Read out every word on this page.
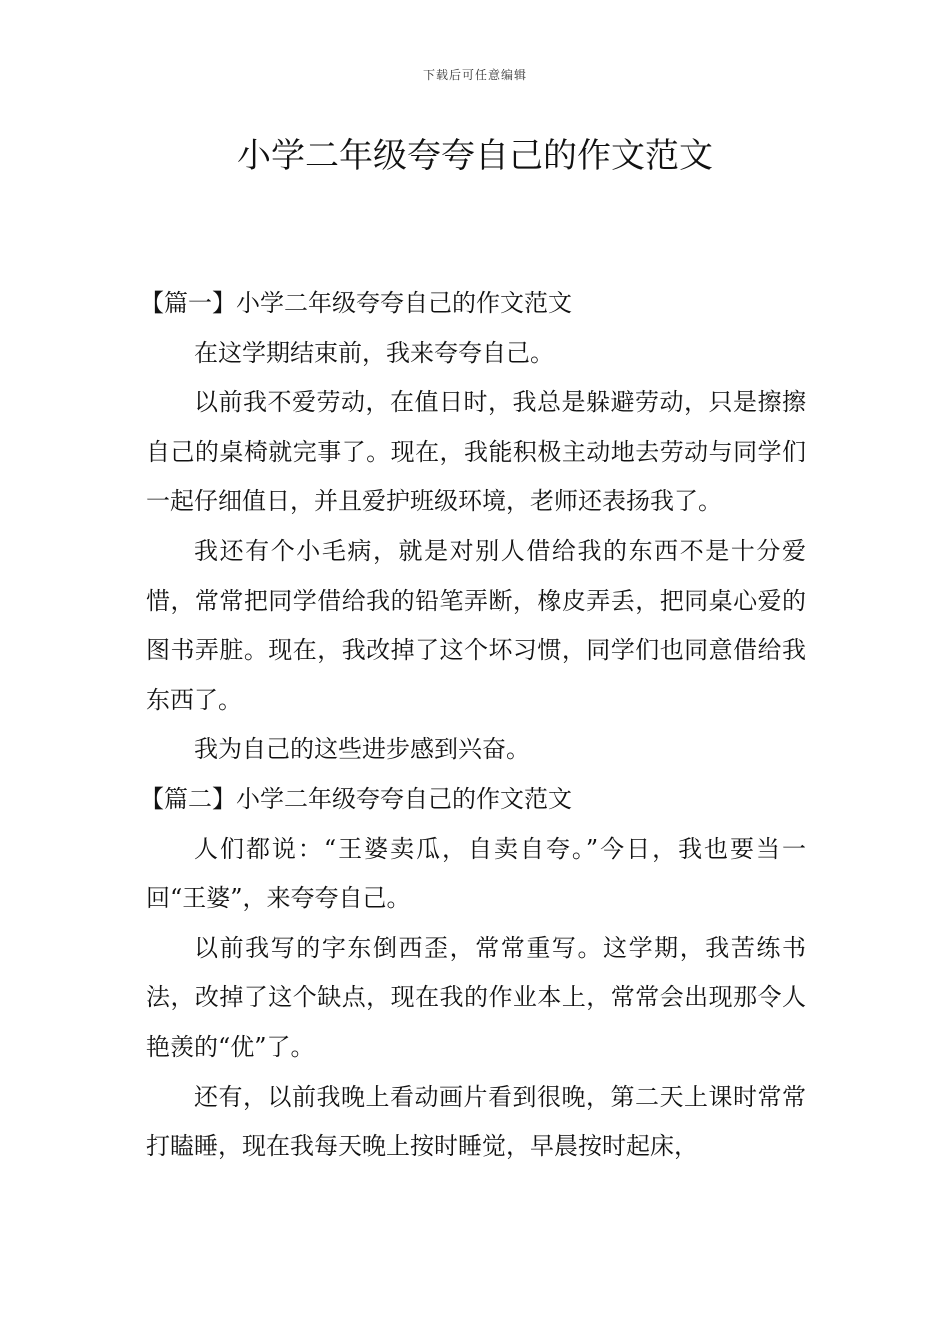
下载后可任意编辑
小学二年级夸夸自己的作文范文

【篇一】小学二年级夸夸自己的作文范文

在这学期结束前，我来夸夸自己。

以前我不爱劳动，在值日时，我总是躲避劳动，只是擦擦自己的桌椅就完事了。现在，我能积极主动地去劳动与同学们一起仔细值日，并且爱护班级环境，老师还表扬我了。

我还有个小毛病，就是对别人借给我的东西不是十分爱惜，常常把同学借给我的铅笔弄断，橡皮弄丢，把同桌心爱的图书弄脏。现在，我改掉了这个坏习惯，同学们也同意借给我东西了。

我为自己的这些进步感到兴奋。

【篇二】小学二年级夸夸自己的作文范文

人们都说：“王婆卖瓜，自卖自夸。”今日，我也要当一回“王婆”，来夸夸自己。

以前我写的字东倒西歪，常常重写。这学期，我苦练书法，改掉了这个缺点，现在我的作业本上，常常会出现那令人艳羡的“优”了。

还有，以前我晚上看动画片看到很晚，第二天上课时常常打瞌睡，现在我每天晚上按时睡觉，早晨按时起床，
